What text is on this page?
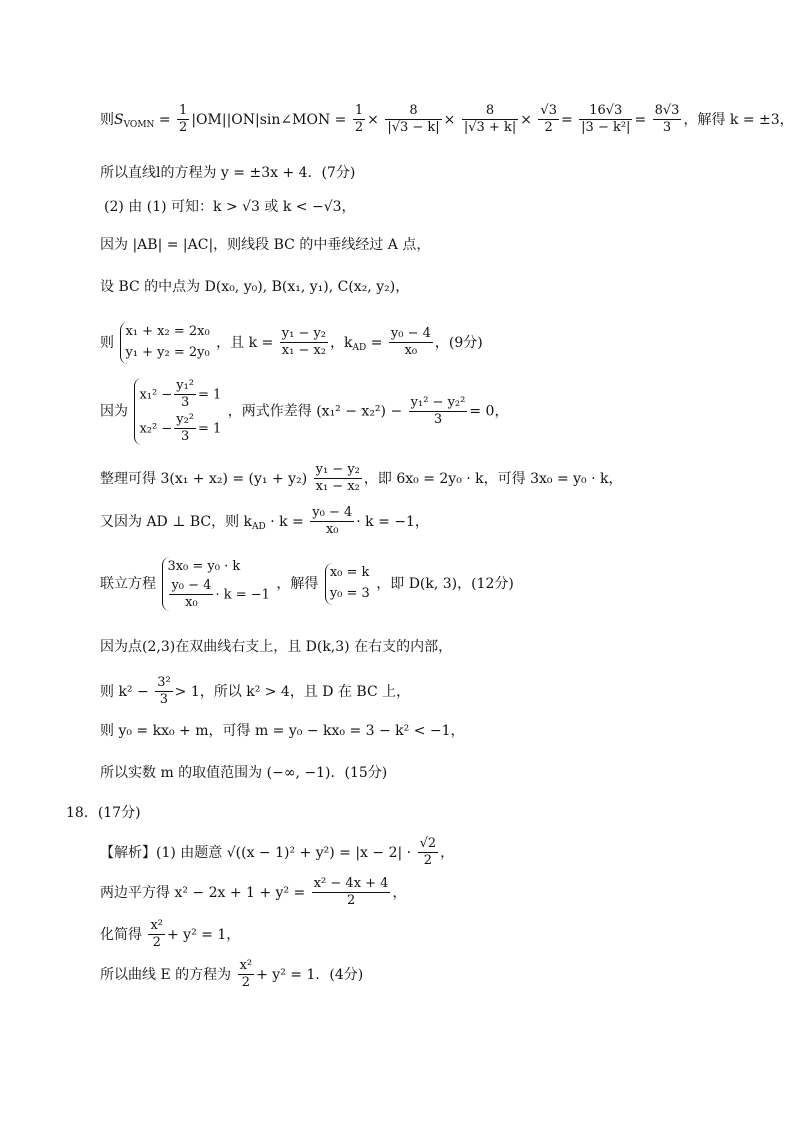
则$S_{VOMN} = \frac{1}{2}$ |OM||ON|sin∠MON = $\frac{1}{2} \times \frac{8}{|√3 - k|} \times \frac{8}{|√3 + k|} \times \frac{√3}{2} = \frac{16√3}{\text{|3 − k²|}} = \frac{8√3}{3}$ ，解得 k = ±3，
所以直线l的方程为 y = ±3x + 4．(7分)
(2) 由 (1) 可知：k > √3 或 k < −√3，
因为 |AB| = |AC|，则线段 BC 的中垂线经过 A 点，
设 BC 的中点为 D(x₀, y₀), B(x₁, y₁), C(x₂, y₂)，
则
x₁ + x₂ = 2x₀
y₁ + y₂ = 2y₀
，且 $k = \frac{\text{y₁ − y₂}}{\text{x₁ − x₂}}$ ，$k_{AD} = \frac{\text{y₀ − 4}}{\text{x₀}}$ ，(9分)
因为
$x_1^2 - \frac{\text{y₁²}}{3} = 1$
$x_2^2 - \frac{\text{y₂²}}{3} = 1$
，两式作差得 $(x_1^2 - x_2^2) - \frac{\text{y₁² − y₂²}}{3} = 0$，
整理可得 $3(x_1 + x_2) = (y_1 + y_2) \frac{\text{y₁ − y₂}}{\text{x₁ − x₂}}$ ，即 6x₀ = 2y₀ · k，可得 3x₀ = y₀ · k，
又因为 AD ⊥ BC，则 $k_{AD} \cdot k = \frac{\text{y₀ − 4}}{\text{x₀}} \cdot k = -1$，
联立方程
3x₀ = y₀ · k
$\frac{\text{y₀ − 4}}{\text{x₀}} \cdot k = -1$
，解得
x₀ = k
y₀ = 3
，即 D(k, 3)，(12分)
因为点(2,3)在双曲线右支上，且 D(k,3) 在右支的内部，
则 $k^2 - \frac{\text{3²}}{3} > 1$，所以 k² > 4，且 D 在 BC 上，
则 y₀ = kx₀ + m，可得 m = y₀ − kx₀ = 3 − k² < −1，
所以实数 m 的取值范围为 (−∞, −1)．(15分)
18．(17分)
【解析】(1) 由题意 $√((x - 1)^2 + y^2) = |x - 2| \cdot \frac{√2}{2}$ ，
两边平方得 $x^2 - 2x + 1 + y^2 = \frac{\text{x² − 4x + 4}}{2}$ ，
化简得 $\frac{\text{x²}}{2} + y^2 = 1$，
所以曲线 E 的方程为 $\frac{\text{x²}}{2} + y^2 = 1$．(4分)
